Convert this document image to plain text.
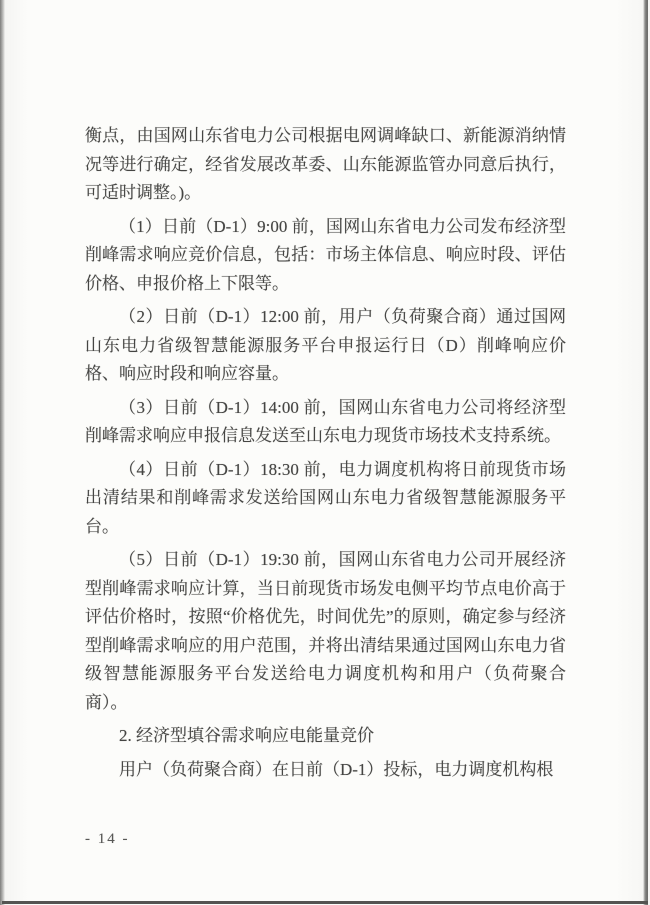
衡点，由国网山东省电力公司根据电网调峰缺口、新能源消纳情况等进行确定，经省发展改革委、山东能源监管办同意后执行，可适时调整。)。

（1）日前（D-1）9:00 前，国网山东省电力公司发布经济型削峰需求响应竞价信息，包括：市场主体信息、响应时段、评估价格、申报价格上下限等。

（2）日前（D-1）12:00 前，用户（负荷聚合商）通过国网山东电力省级智慧能源服务平台申报运行日（D）削峰响应价格、响应时段和响应容量。

（3）日前（D-1）14:00 前，国网山东省电力公司将经济型削峰需求响应申报信息发送至山东电力现货市场技术支持系统。

（4）日前（D-1）18:30 前，电力调度机构将日前现货市场出清结果和削峰需求发送给国网山东电力省级智慧能源服务平台。

（5）日前（D-1）19:30 前，国网山东省电力公司开展经济型削峰需求响应计算，当日前现货市场发电侧平均节点电价高于评估价格时，按照“价格优先，时间优先”的原则，确定参与经济型削峰需求响应的用户范围，并将出清结果通过国网山东电力省级智慧能源服务平台发送给电力调度机构和用户（负荷聚合商）。

2. 经济型填谷需求响应电能量竞价

用户（负荷聚合商）在日前（D-1）投标，电力调度机构根

- 14 -
